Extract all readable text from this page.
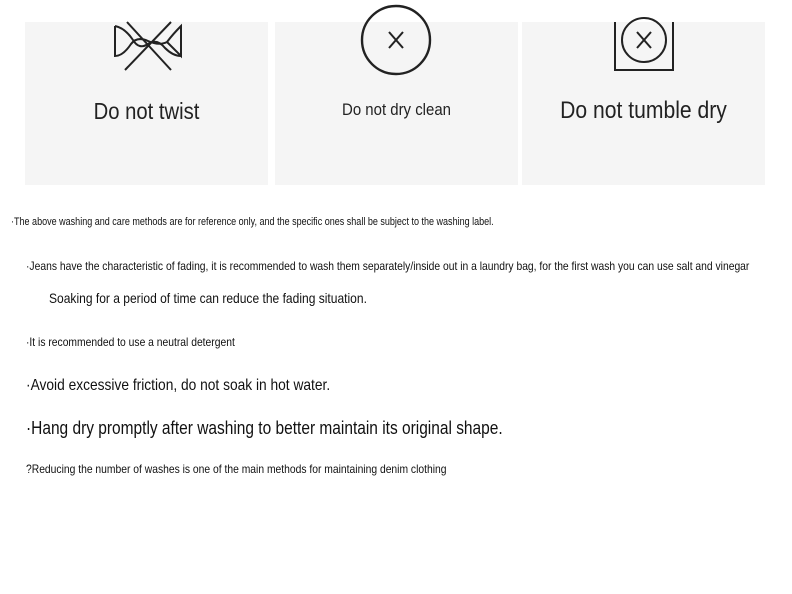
Do not twist	Do not dry clean	Do not tumble dry
·The above washing and care methods are for reference only, and the specific ones shall be subject to the washing label.
·Jeans have the characteristic of fading, it is recommended to wash them separately/inside out in a laundry bag, for the first wash you can use salt and vinegar
Soaking for a period of time can reduce the fading situation.
·It is recommended to use a neutral detergent
·Avoid excessive friction, do not soak in hot water.
·Hang dry promptly after washing to better maintain its original shape.
?Reducing the number of washes is one of the main methods for maintaining denim clothing
